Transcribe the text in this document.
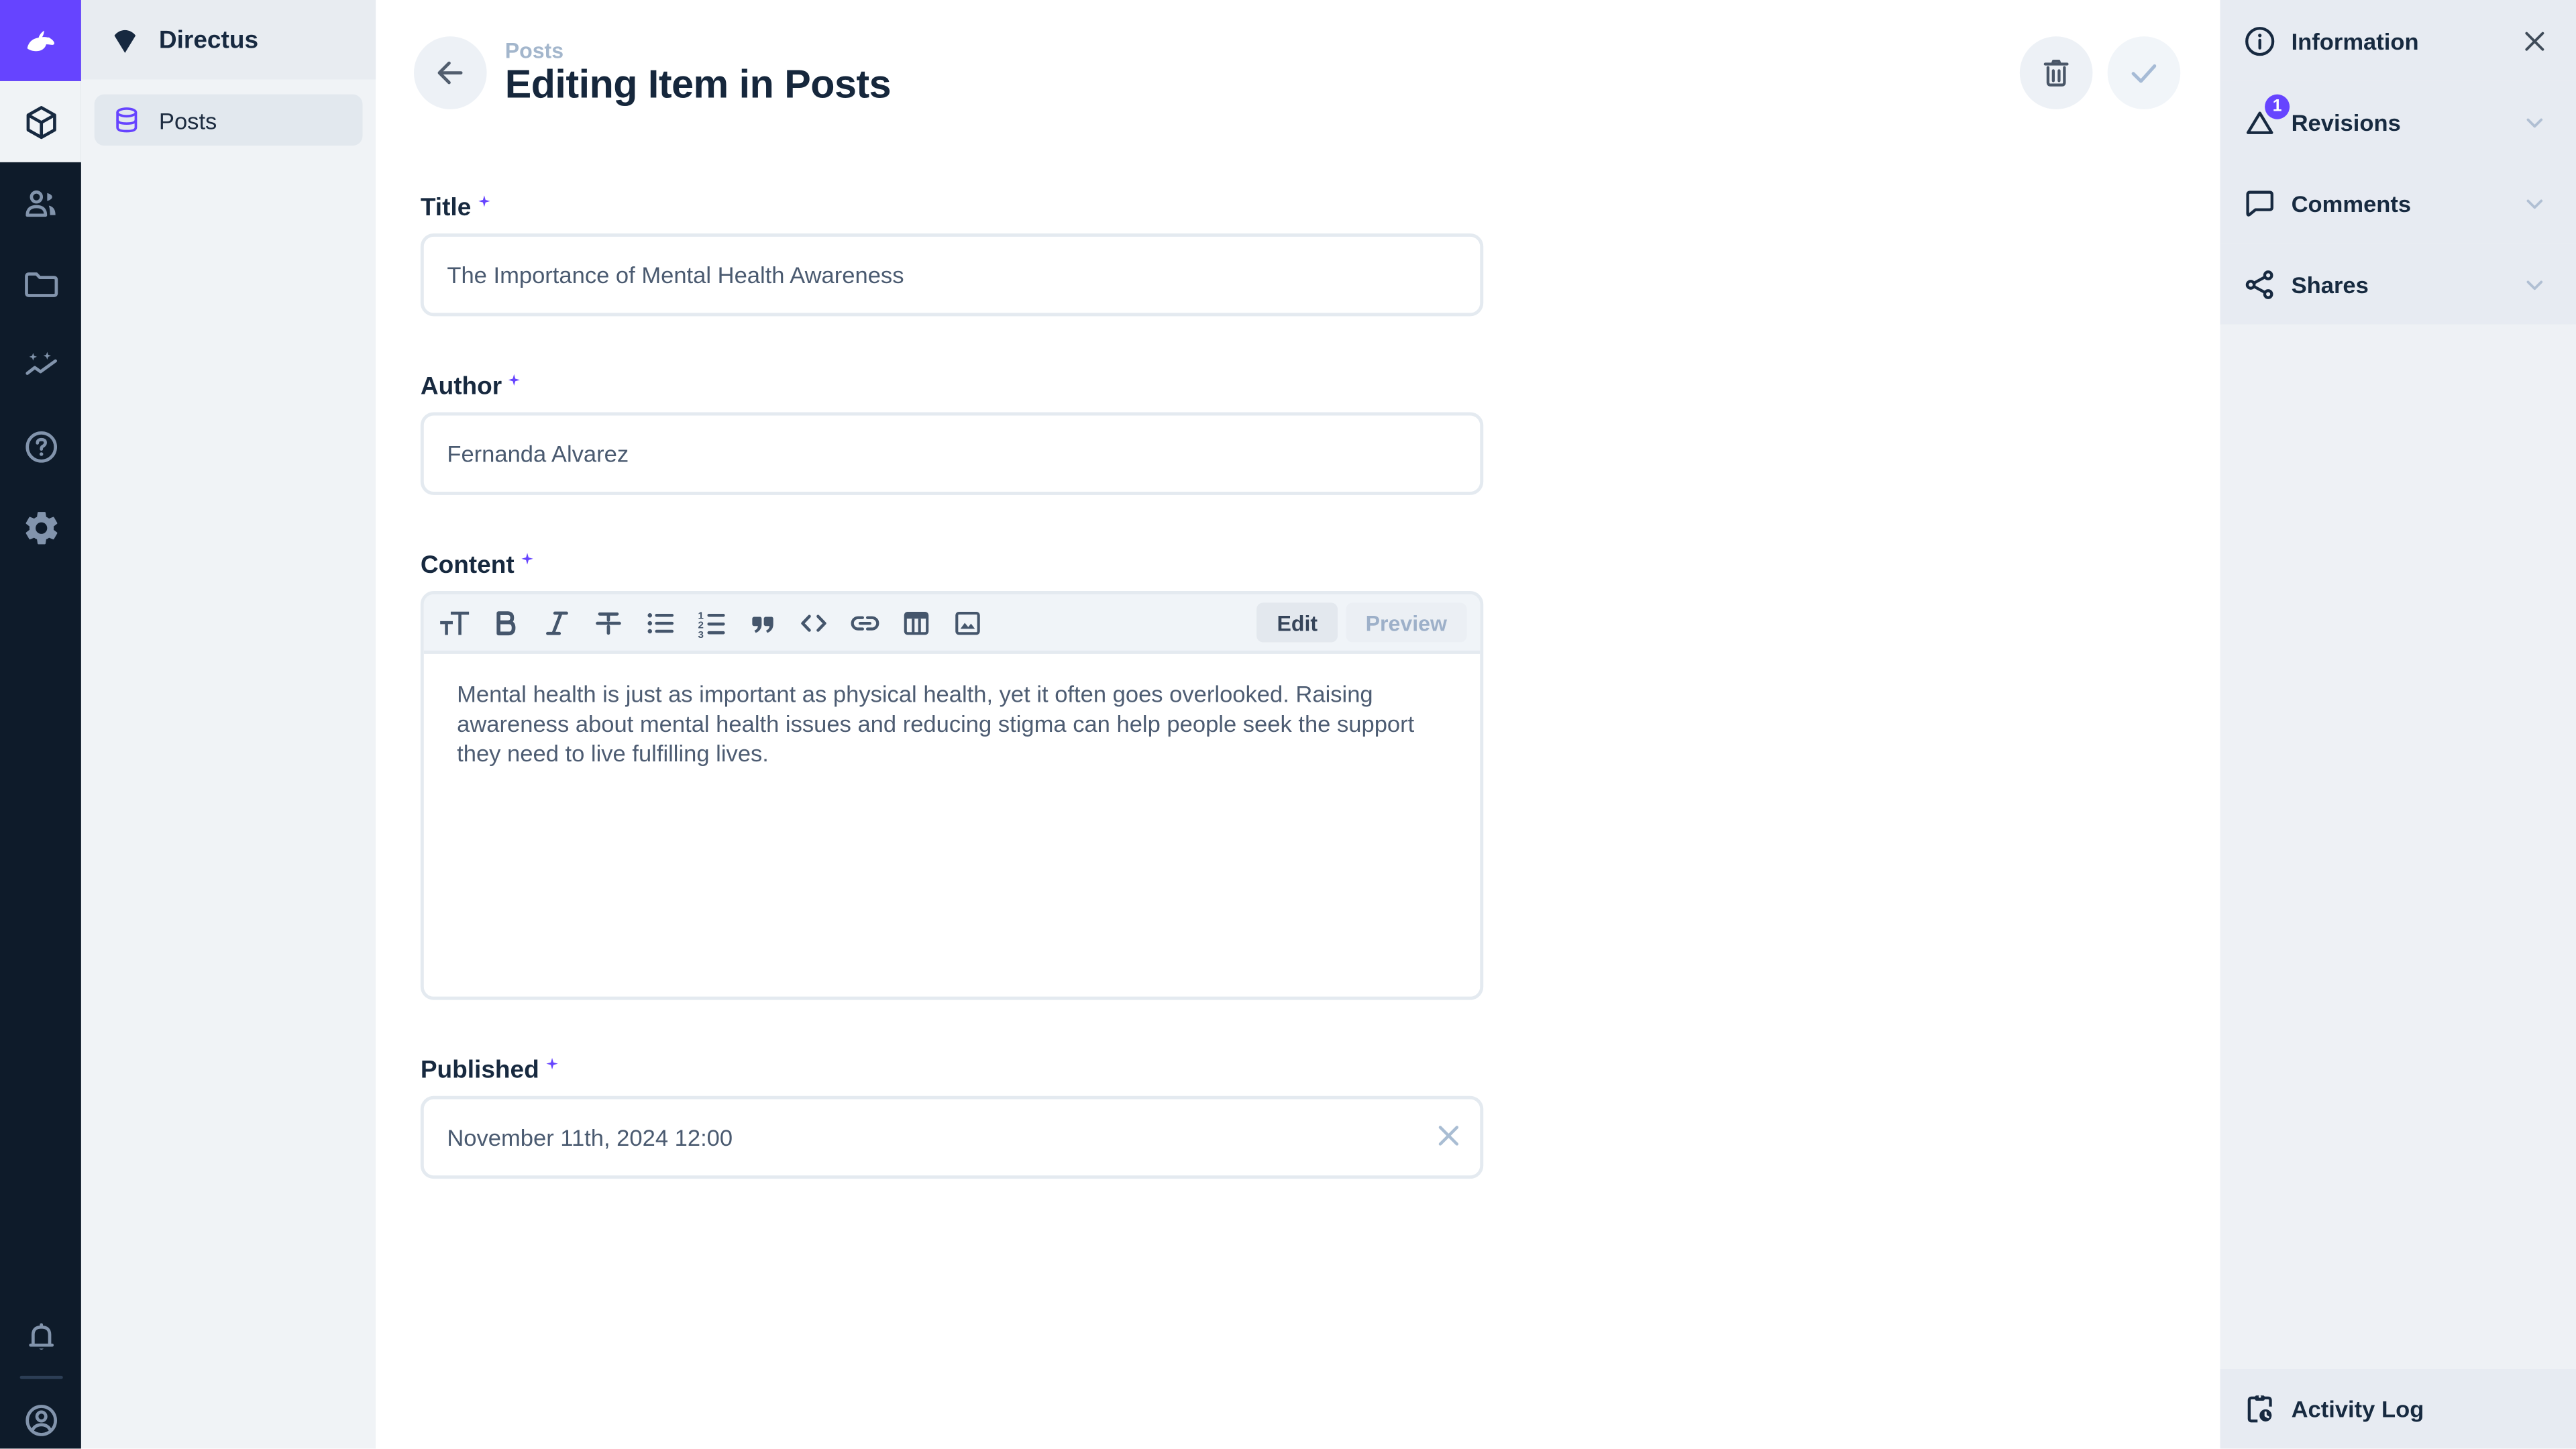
Directus
Posts
Posts
Editing Item in Posts
Title
The Importance of Mental Health Awareness
Author
Fernanda Alvarez
Content
1
2
3	Edit	Preview
Mental health is just as important as physical health, yet it often goes overlooked. Raising awareness about mental health issues and reducing stigma can help people seek the support they need to live fulfilling lives.
Published
November 11th, 2024 12:00
Information
1
Revisions
Comments
Shares
Activity Log
